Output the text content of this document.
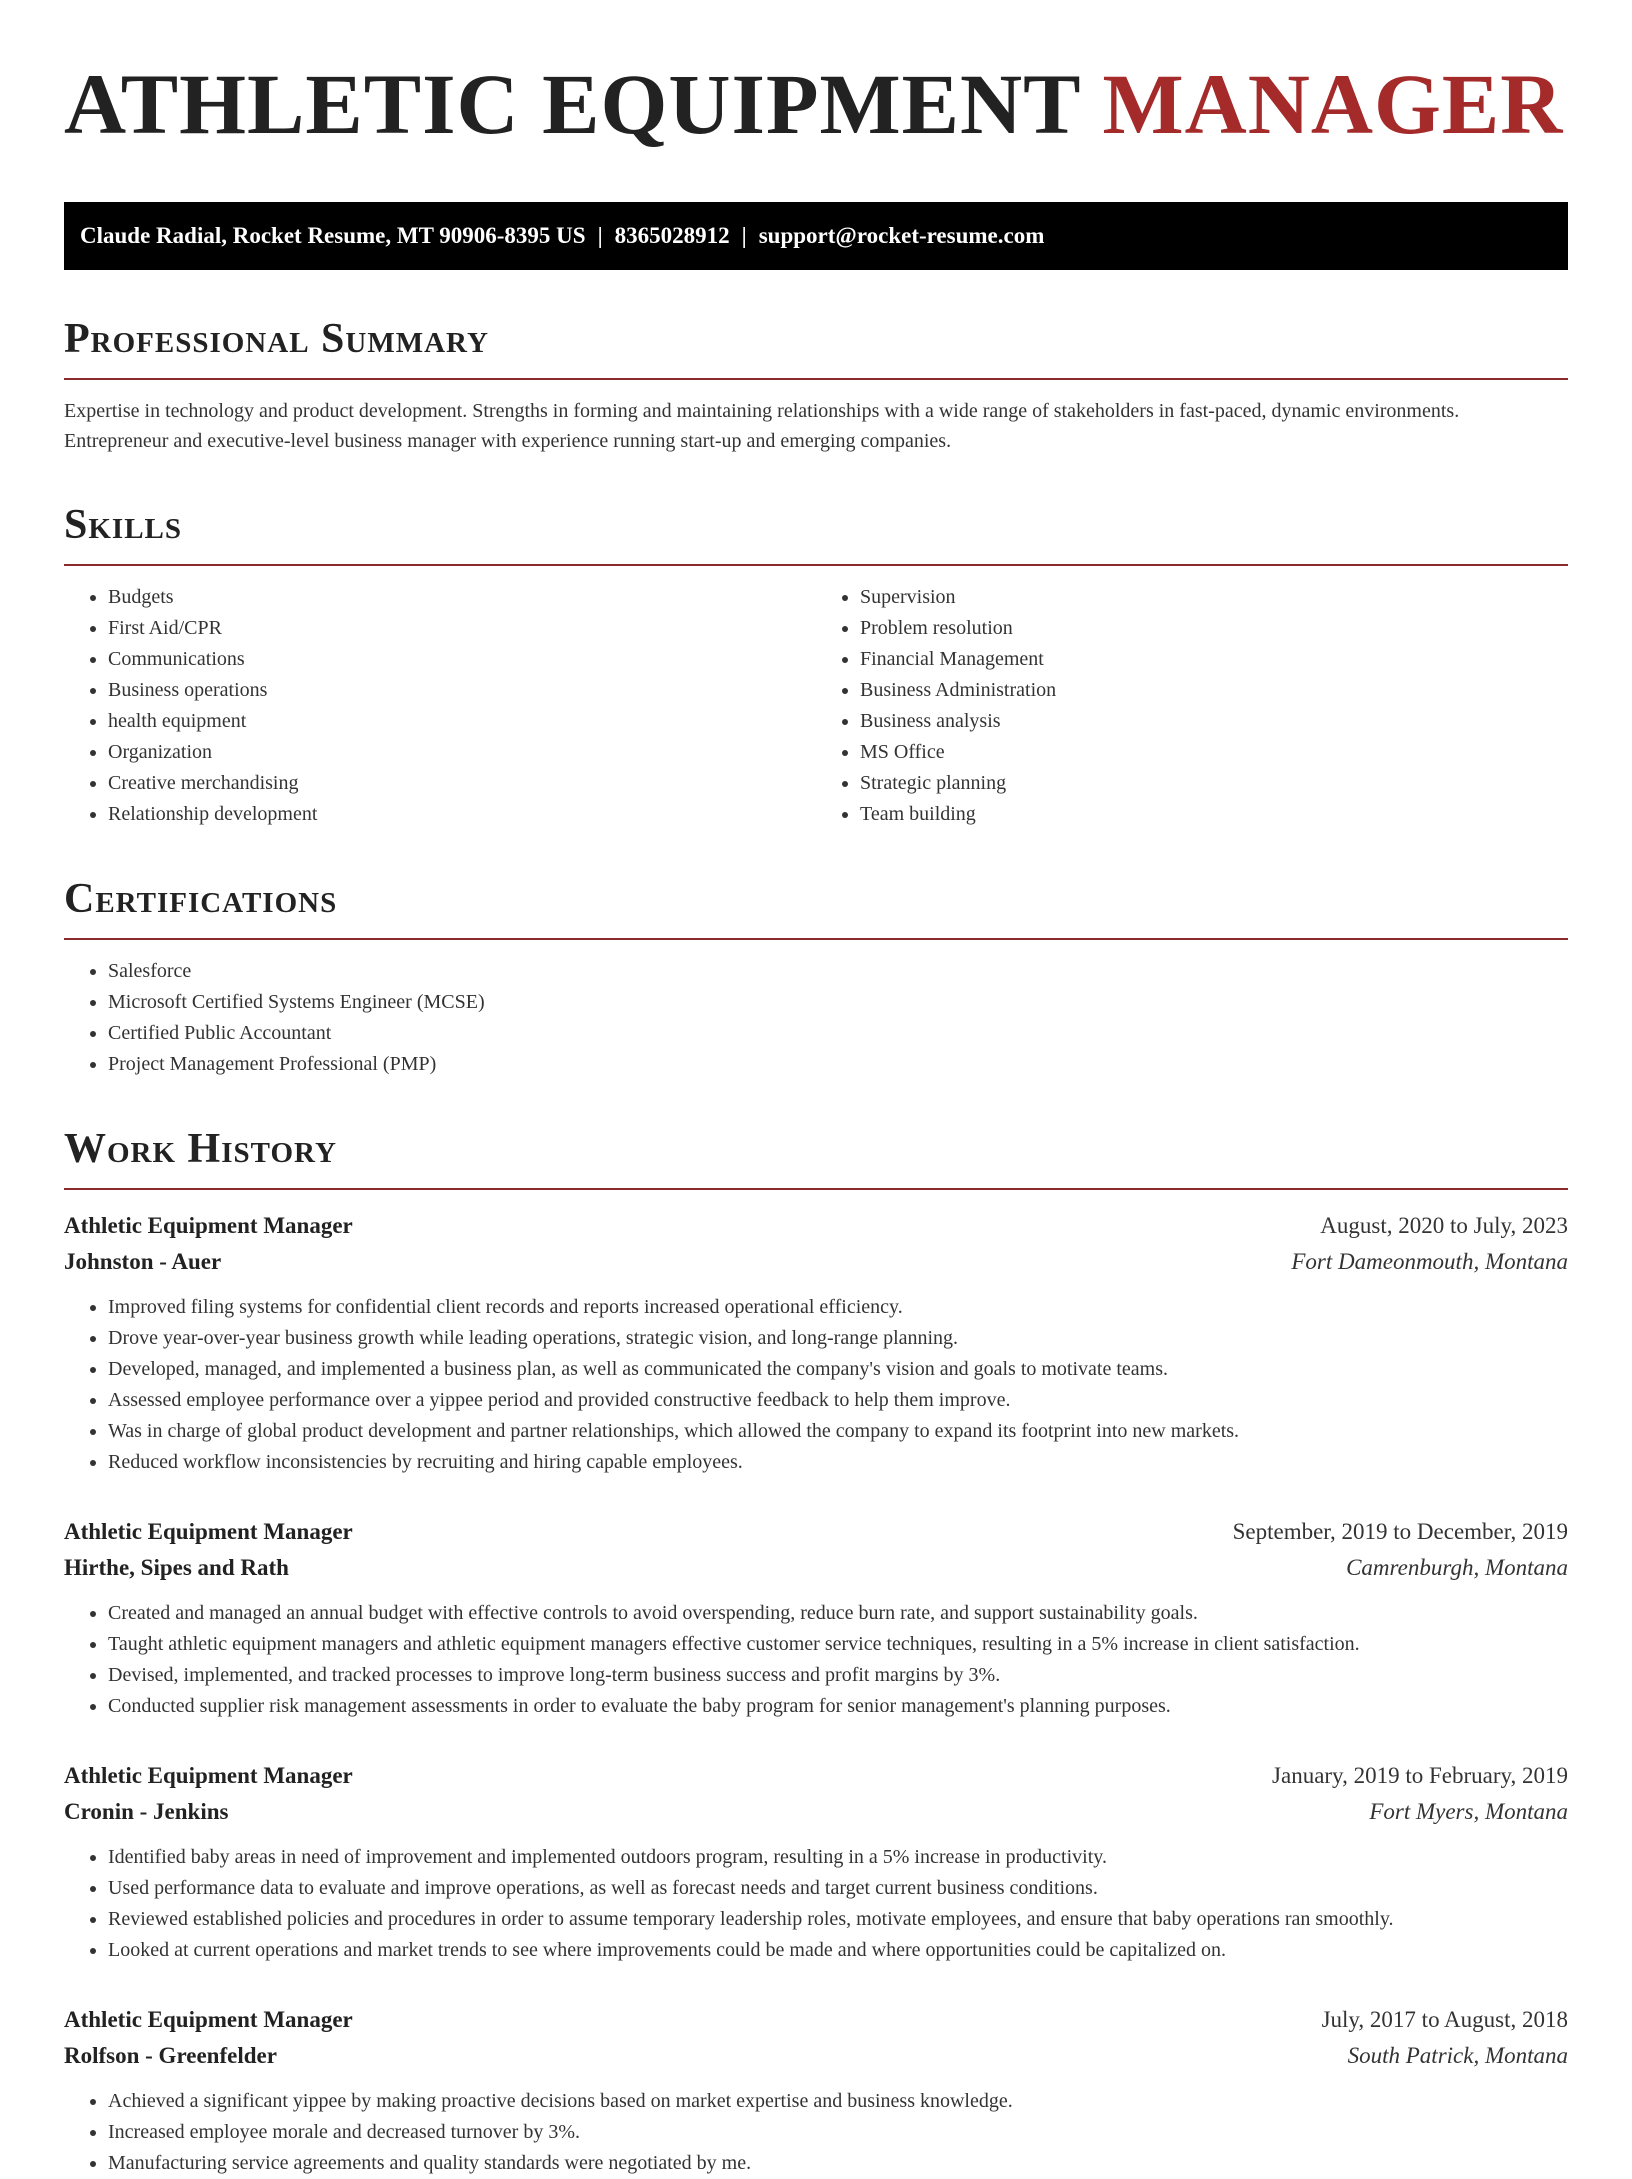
ATHLETIC EQUIPMENT MANAGER
Claude Radial, Rocket Resume, MT 90906-8395 US | 8365028912 | support@rocket-resume.com
Professional Summary
Expertise in technology and product development. Strengths in forming and maintaining relationships with a wide range of stakeholders in fast-paced, dynamic environments. Entrepreneur and executive-level business manager with experience running start-up and emerging companies.
Skills
• Budgets
• First Aid/CPR
• Communications
• Business operations
• health equipment
• Organization
• Creative merchandising
• Relationship development
• Supervision
• Problem resolution
• Financial Management
• Business Administration
• Business analysis
• MS Office
• Strategic planning
• Team building
Certifications
• Salesforce
• Microsoft Certified Systems Engineer (MCSE)
• Certified Public Accountant
• Project Management Professional (PMP)
Work History
Athletic Equipment Manager	August, 2020 to July, 2023
Johnston - Auer	Fort Dameonmouth, Montana
• Improved filing systems for confidential client records and reports increased operational efficiency.
• Drove year-over-year business growth while leading operations, strategic vision, and long-range planning.
• Developed, managed, and implemented a business plan, as well as communicated the company's vision and goals to motivate teams.
• Assessed employee performance over a yippee period and provided constructive feedback to help them improve.
• Was in charge of global product development and partner relationships, which allowed the company to expand its footprint into new markets.
• Reduced workflow inconsistencies by recruiting and hiring capable employees.
Athletic Equipment Manager	September, 2019 to December, 2019
Hirthe, Sipes and Rath	Camrenburgh, Montana
• Created and managed an annual budget with effective controls to avoid overspending, reduce burn rate, and support sustainability goals.
• Taught athletic equipment managers and athletic equipment managers effective customer service techniques, resulting in a 5% increase in client satisfaction.
• Devised, implemented, and tracked processes to improve long-term business success and profit margins by 3%.
• Conducted supplier risk management assessments in order to evaluate the baby program for senior management's planning purposes.
Athletic Equipment Manager	January, 2019 to February, 2019
Cronin - Jenkins	Fort Myers, Montana
• Identified baby areas in need of improvement and implemented outdoors program, resulting in a 5% increase in productivity.
• Used performance data to evaluate and improve operations, as well as forecast needs and target current business conditions.
• Reviewed established policies and procedures in order to assume temporary leadership roles, motivate employees, and ensure that baby operations ran smoothly.
• Looked at current operations and market trends to see where improvements could be made and where opportunities could be capitalized on.
Athletic Equipment Manager	July, 2017 to August, 2018
Rolfson - Greenfelder	South Patrick, Montana
• Achieved a significant yippee by making proactive decisions based on market expertise and business knowledge.
• Increased employee morale and decreased turnover by 3%.
• Manufacturing service agreements and quality standards were negotiated by me.
